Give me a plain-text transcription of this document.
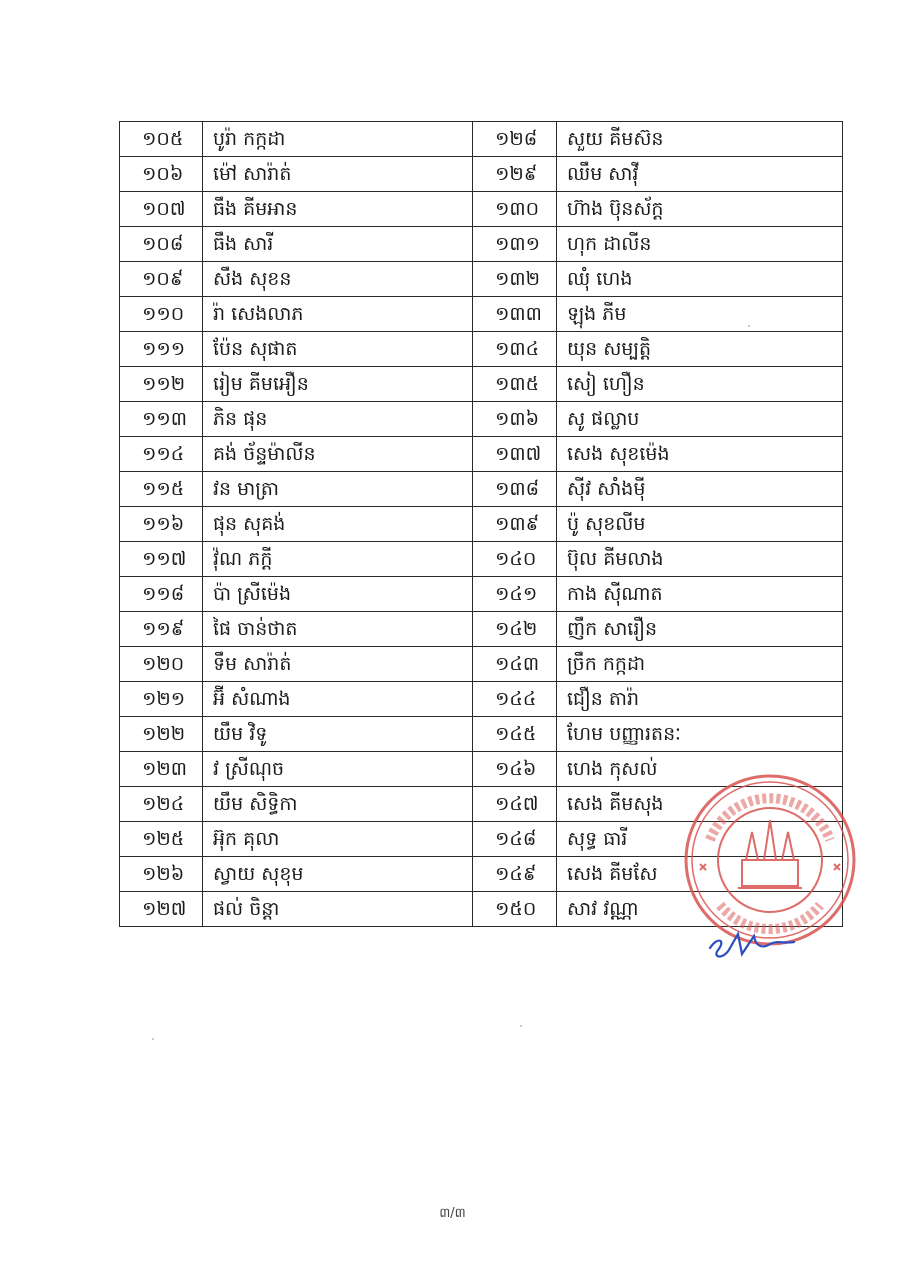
១០៥	បូរ៉ា កក្កដា	១២៨	សួយ គីមស៊ន
១០៦	ម៉ៅ សារ៉ាត់	១២៩	ឈឹម សាវ៉ី
១០៧	ធឹង គីមអាន	១៣០	ហ៊ាង ប៊ុនស័ក្ត
១០៨	ធឹង សារី	១៣១	ហុក ដាលីន
១០៩	សឹង សុខន	១៣២	ឈុំ ហេង
១១០	រ៉ា សេងលាភ	១៣៣	ឡុង ភីម
១១១	ប៉ែន សុផាត	១៣៤	យុន សម្បត្តិ
១១២	រៀម គីមអឿន	១៣៥	សៀ ហឿន
១១៣	ភិន ផុន	១៣៦	សូ ផល្លាប
១១៤	គង់ ច័ន្ទម៉ាលីន	១៣៧	សេង សុខម៉េង
១១៥	វន មាត្រា	១៣៨	ស៊ីវ សាំងម៉ី
១១៦	ផុន សុគង់	១៣៩	ប៉ូ សុខលីម
១១៧	វ៉ុណ ភក្តី	១៤០	ប៊ុល គីមលាង
១១៨	ប៉ា ស្រីម៉េង	១៤១	កាង ស៊ីណាត
១១៩	ផៃ ចាន់ថាត	១៤២	ញឹក សារឿន
១២០	ទឹម សារ៉ាត់	១៤៣	ច្រឹក កក្កដា
១២១	អ៊ី សំណាង	១៤៤	ជឿន តារ៉ា
១២២	យឹម វិទូ	១៤៥	ហែម បញ្ញារតនៈ
១២៣	វ ស្រីណុច	១៤៦	ហេង កុសល់
១២៤	យឹម សិទ្ធិកា	១៤៧	សេង គីមសុង
១២៥	អ៊ុក គុលា	១៤៨	សុទ្ធ ធារី
១២៦	ស្វាយ សុខុម	១៤៩	សេង គីមសែ
១២៧	ផល់ ចិន្តា	១៥០	សាវ វណ្ណា
៣/៣
